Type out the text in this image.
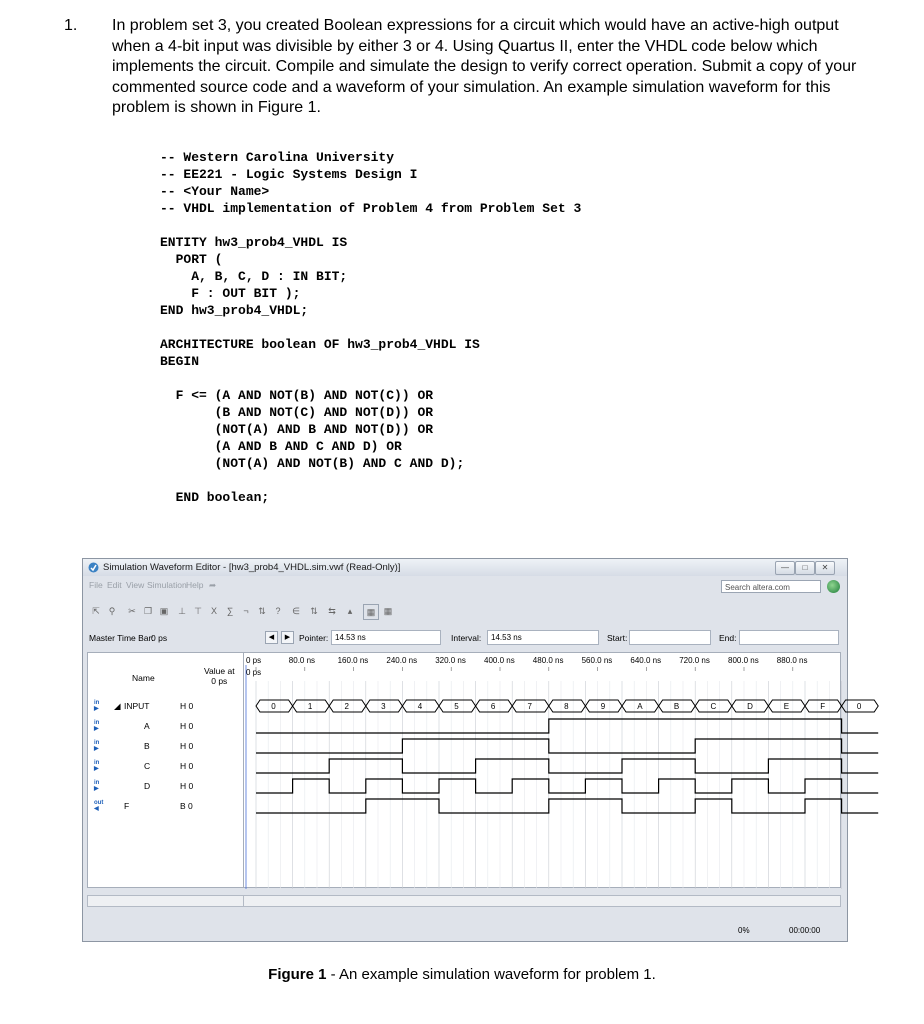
1. In problem set 3, you created Boolean expressions for a circuit which would have an active-high output when a 4-bit input was divisible by either 3 or 4. Using Quartus II, enter the VHDL code below which implements the circuit. Compile and simulate the design to verify correct operation. Submit a copy of your commented source code and a waveform of your simulation. An example simulation waveform for this problem is shown in Figure 1.

-- Western Carolina University
-- EE221 - Logic Systems Design I
-- <Your Name>
-- VHDL implementation of Problem 4 from Problem Set 3
ENTITY hw3_prob4_VHDL IS
PORT (
A, B, C, D : IN BIT;
F : OUT BIT );
END hw3_prob4_VHDL;
ARCHITECTURE boolean OF hw3_prob4_VHDL IS
BEGIN
F <= (A AND NOT(B) AND NOT(C)) OR
(B AND NOT(C) AND NOT(D)) OR
(NOT(A) AND B AND NOT(D)) OR
(A AND B AND C AND D) OR
(NOT(A) AND NOT(B) AND C AND D);
END boolean;
Simulation Waveform Editor - [hw3_prob4_VHDL.sim.vwf (Read-Only)]	—	□	✕
File Edit View Simulation Help ➦	Search altera.com
⇱ ⚲	✂ ❐ ▣	⊥ ⊤	X	∑	¬	⇅	?	∈	⇅	⇆	▴	▦ ▦
Master Time Bar:
0 ps	◀	▶	Pointer: 14.53 ns	Interval:	14.53 ns	Start:	End:
Name
Value at
0 ps
in
▶	◢ INPUT	H 0
in
▶	A	H 0
in
▶	B	H 0
in
▶	C	H 0
in
▶	D	H 0
out
◀	F	B 0
0 ps	80.0 ns	160.0 ns 240.0 ns 320.0 ns 400.0 ns 480.0 ns 560.0 ns 640.0 ns 720.0 ns 800.0 ns 880.0 ns
0 ps
0	1	2	3	4	5	6	7	8	9	A	B	C	D	E	F	0
0%	00:00:00
Figure 1 - An example simulation waveform for problem 1.
